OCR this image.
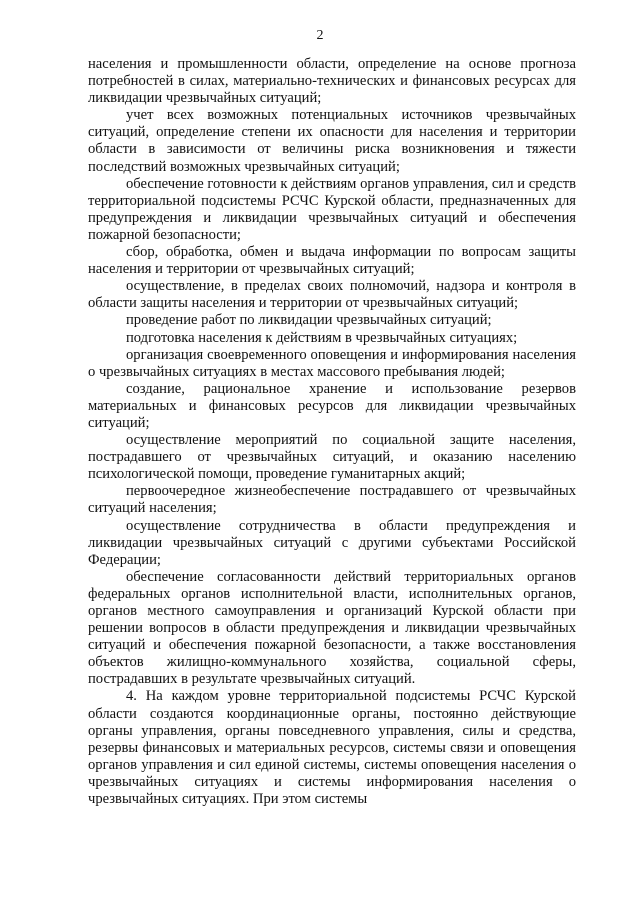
2

населения и промышленности области, определение на основе прогноза потребностей в силах, материально-технических и финансовых ресурсах для ликвидации чрезвычайных ситуаций;

учет всех возможных потенциальных источников чрезвычайных ситуаций, определение степени их опасности для населения и территории области в зависимости от величины риска возникновения и тяжести последствий возможных чрезвычайных ситуаций;

обеспечение готовности к действиям органов управления, сил и средств территориальной подсистемы РСЧС Курской области, предназначенных для предупреждения и ликвидации чрезвычайных ситуаций и обеспечения пожарной безопасности;

сбор, обработка, обмен и выдача информации по вопросам защиты населения и территории от чрезвычайных ситуаций;

осуществление, в пределах своих полномочий, надзора и контроля в области защиты населения и территории от чрезвычайных ситуаций;

проведение работ по ликвидации чрезвычайных ситуаций;

подготовка населения к действиям в чрезвычайных ситуациях;

организация своевременного оповещения и информирования населения о чрезвычайных ситуациях в местах массового пребывания людей;

создание, рациональное хранение и использование резервов материальных и финансовых ресурсов для ликвидации чрезвычайных ситуаций;

осуществление мероприятий по социальной защите населения, пострадавшего от чрезвычайных ситуаций, и оказанию населению психологической помощи, проведение гуманитарных акций;

первоочередное жизнеобеспечение пострадавшего от чрезвычайных ситуаций населения;

осуществление сотрудничества в области предупреждения и ликвидации чрезвычайных ситуаций с другими субъектами Российской Федерации;

обеспечение согласованности действий территориальных органов федеральных органов исполнительной власти, исполнительных органов, органов местного самоуправления и организаций Курской области при решении вопросов в области предупреждения и ликвидации чрезвычайных ситуаций и обеспечения пожарной безопасности, а также восстановления объектов жилищно-коммунального хозяйства, социальной сферы, пострадавших в результате чрезвычайных ситуаций.

4. На каждом уровне территориальной подсистемы РСЧС Курской области создаются координационные органы, постоянно действующие органы управления, органы повседневного управления, силы и средства, резервы финансовых и материальных ресурсов, системы связи и оповещения органов управления и сил единой системы, системы оповещения населения о чрезвычайных ситуациях и системы информирования населения о чрезвычайных ситуациях. При этом системы
